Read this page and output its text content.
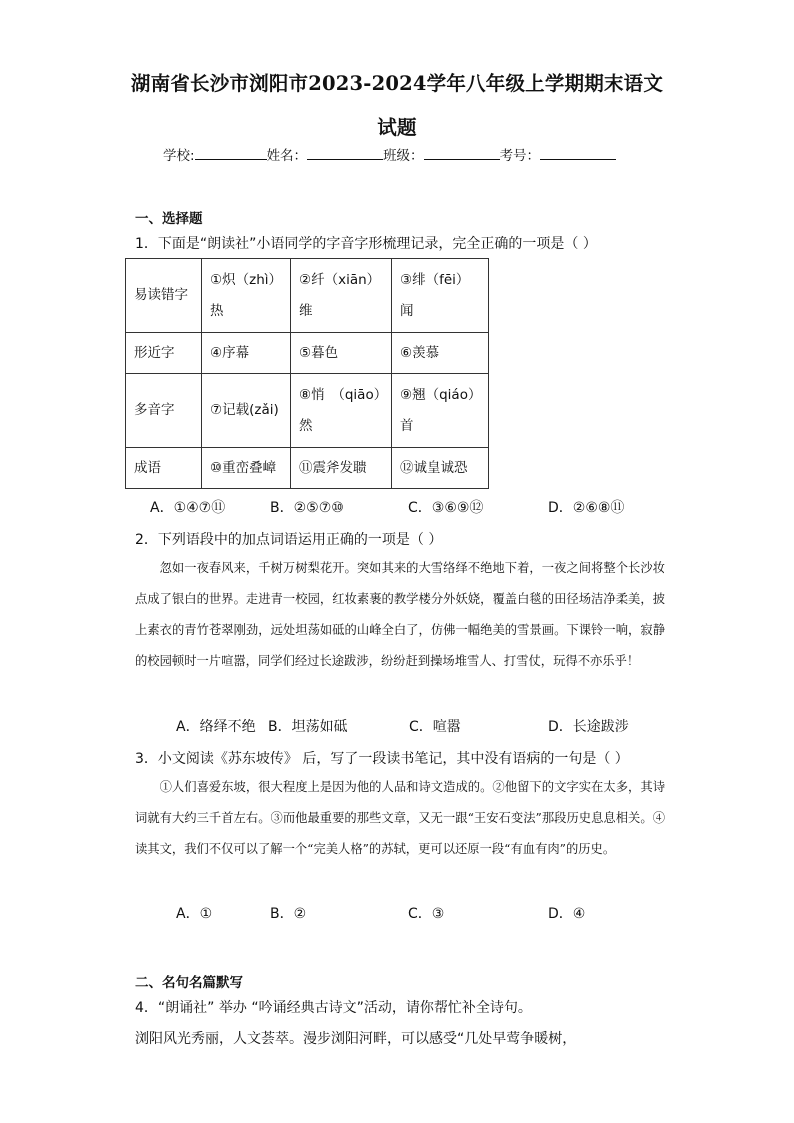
湖南省长沙市浏阳市2023-2024学年八年级上学期期末语文
试题
学校:	姓名：	班级：	考号：
一、选择题
1．下面是“朗读社”小语同学的字音字形梳理记录，完全正确的一项是（ ）
易读错字	①炽（zhì）热	②纤（xiān）维	③绯（fēi）闻
形近字	④序幕	⑤暮色	⑥羡慕
多音字	⑦记载(zǎi)	⑧悄　（qiāo）然	⑨翘（qiáo）首
成语	⑩重峦叠嶂	⑪震斧发聩	⑫诚皇诚恐
A．①④⑦⑪	B．②⑤⑦⑩	C．③⑥⑨⑫	D．②⑥⑧⑪
2．下列语段中的加点词语运用正确的一项是（ ）

忽如一夜春风来，千树万树梨花开。突如其来的大雪络绎不绝地下着，一夜之间将整个长沙妆点成了银白的世界。走进青一校园，红妆素裹的教学楼分外妖娆，覆盖白毯的田径场洁净柔美，披上素衣的青竹苍翠刚劲，远处坦荡如砥的山峰全白了，仿佛一幅绝美的雪景画。下课铃一响，寂静的校园顿时一片喧嚣，同学们经过长途跋涉，纷纷赶到操场堆雪人、打雪仗，玩得不亦乐乎！

A．络绎不绝 B．坦荡如砥	C．喧嚣	D．长途跋涉
3．小文阅读《苏东坡传》 后，写了一段读书笔记，其中没有语病的一句是（ ）

①人们喜爱东坡，很大程度上是因为他的人品和诗文造成的。②他留下的文字实在太多，其诗词就有大约三千首左右。③而他最重要的那些文章，又无一跟“王安石变法”那段历史息息相关。④读其文，我们不仅可以了解一个“完美人格”的苏轼，更可以还原一段“有血有肉”的历史。

A．①	B．②	C．③	D．④
二、名句名篇默写
4．“朗诵社” 举办 “吟诵经典古诗文”活动，请你帮忙补全诗句。
浏阳风光秀丽，人文荟萃。漫步浏阳河畔，可以感受“几处早莺争暖树，
